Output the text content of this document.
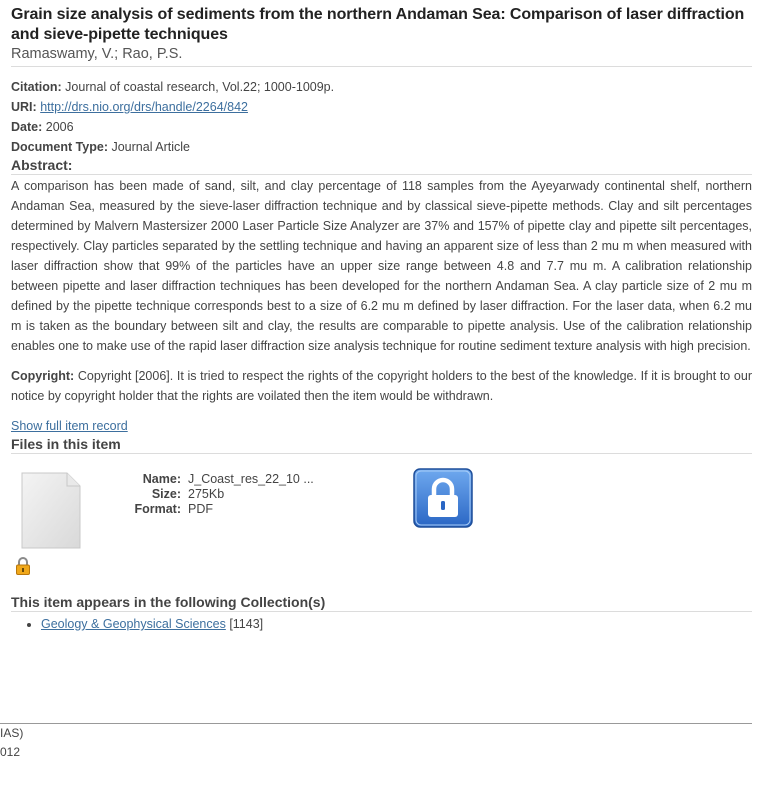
Grain size analysis of sediments from the northern Andaman Sea: Comparison of laser diffraction and sieve-pipette techniques
Ramaswamy, V.; Rao, P.S.
Citation: Journal of coastal research, Vol.22; 1000-1009p.
URI: http://drs.nio.org/drs/handle/2264/842
Date: 2006
Document Type: Journal Article
Abstract:

A comparison has been made of sand, silt, and clay percentage of 118 samples from the Ayeyarwady continental shelf, northern Andaman Sea, measured by the sieve-laser diffraction technique and by classical sieve-pipette methods. Clay and silt percentages determined by Malvern Mastersizer 2000 Laser Particle Size Analyzer are 37% and 157% of pipette clay and pipette silt percentages, respectively. Clay particles separated by the settling technique and having an apparent size of less than 2 mu m when measured with laser diffraction show that 99% of the particles have an upper size range between 4.8 and 7.7 mu m. A calibration relationship between pipette and laser diffraction techniques has been developed for the northern Andaman Sea. A clay particle size of 2 mu m defined by the pipette technique corresponds best to a size of 6.2 mu m defined by laser diffraction. For the laser data, when 6.2 mu m is taken as the boundary between silt and clay, the results are comparable to pipette analysis. Use of the calibration relationship enables one to make use of the rapid laser diffraction size analysis technique for routine sediment texture analysis with high precision.

Copyright: Copyright [2006]. It is tried to respect the rights of the copyright holders to the best of the knowledge. If it is brought to our notice by copyright holder that the rights are voilated then the item would be withdrawn.

Show full item record
Files in this item
Name: J_Coast_res_22_10 ...
Size: 275Kb
Format: PDF
This item appears in the following Collection(s)
• Geology & Geophysical Sciences [1143]
IAS)
012
